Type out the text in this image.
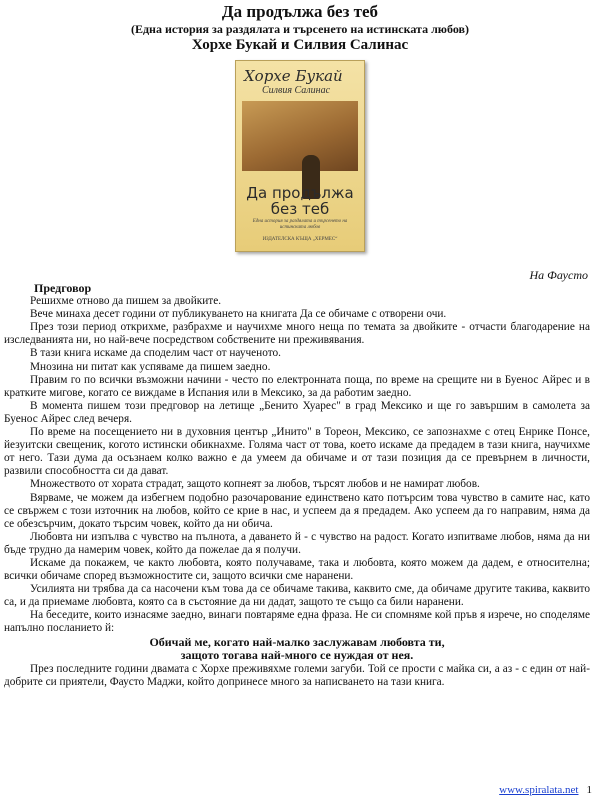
Да продължа без теб
(Една история за раздялата и търсенето на истинската любов)
Хорхе Букай и Силвия Салинас
Хорхе Букай
Силвия Салинас
Да продължа
без теб
Една история за раздялата и търсенето на истинската любов
ИЗДАТЕЛСКА КЪЩА „ХЕРМЕС“
На Фаусто
Предговор

Решихме отново да пишем за двойките.

Вече минаха десет години от публикуването на книгата Да се обичаме с отворени очи.

През този период открихме, разбрахме и научихме много неща по темата за двойките - отчасти благодарение на изследванията ни, но най-вече посредством собствените ни преживявания.

В тази книга искаме да споделим част от наученото.

Мнозина ни питат как успяваме да пишем заедно.

Правим го по всички възможни начини - честo по електронната поща, по време на срещите ни в Буенос Айрес и в кратките мигове, когато се виждаме в Испания или в Мексико, за да работим заедно.

В момента пишем този предговор на летище „Бенито Хуарес" в град Мексико и ще го завършим в самолета за Буенос Айрес след вечеря.

По време на посещението ни в духовния център „Инито" в Тореон, Мексико, се запознахме с отец Енрике Понсе, йезуитски свещеник, когото истински обикнахме. Голяма част от това, което искаме да предадем в тази книга, научихме от него. Тази дума да осъзнаем колко важно е да умеем да обичаме и от тази позиция да се превърнем в личности, развили способността си да дават.

Множеството от хората страдат, защото копнеят за любов, търсят любов и не намират любов.

Вярваме, че можем да избегнем подобно разочарование единствено като потърсим това чувство в самите нас, като се свържем с този източник на любов, който се крие в нас, и успеем да я предадем. Ако успеем да го направим, няма да се обезсърчим, докато търсим човек, който да ни обича.

Любовта ни изпълва с чувство на пълнота, а даването й - с чувство на радост. Когато изпитваме любов, няма да ни бъде трудно да намерим човек, който да пожелае да я получи.

Искаме да покажем, че както любовта, която получаваме, така и любовта, която можем да дадем, е относителна; всички обичаме според възможностите си, защото всички сме наранени.

Усилията ни трябва да са насочени към това да се обичаме такива, каквито сме, да обичаме другите такива, каквито са, и да приемаме любовта, която са в състояние да ни дадат, защото те също са били наранени.

На беседите, които изнасяме заедно, винаги повтаряме една фраза. Не си спомняме кой пръв я изрече, но споделяме напълно посланието й:

Обичай ме, когато най-малко заслужавам любовта ти,

защото тогава най-много се нуждая от нея.

През последните години двамата с Хорхе преживяхме големи загуби. Той се прости с майка си, а аз - с един от най-добрите си приятели, Фаусто Маджи, който допринесе много за написването на тази книга.

www.spiralata.net 1
